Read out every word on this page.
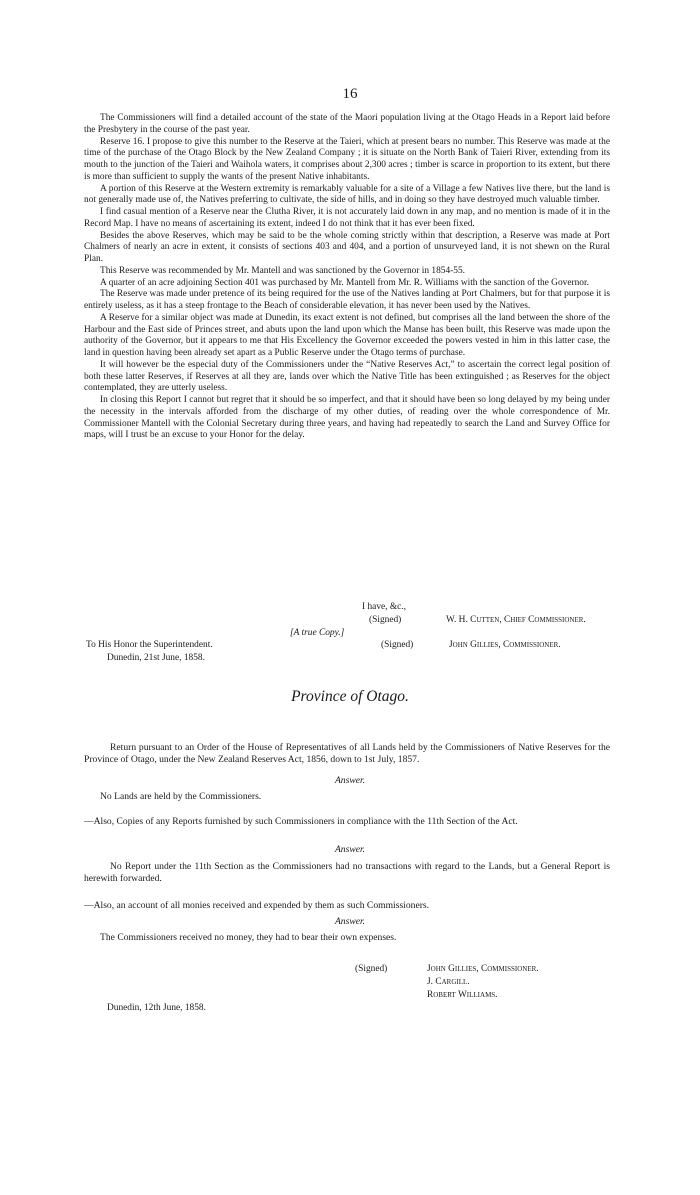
16

The Commissioners will find a detailed account of the state of the Maori population living at the Otago Heads in a Report laid before the Presbytery in the course of the past year.

Reserve 16. I propose to give this number to the Reserve at the Taieri, which at present bears no number. This Reserve was made at the time of the purchase of the Otago Block by the New Zealand Company ; it is situate on the North Bank of Taieri River, extending from its mouth to the junction of the Taieri and Waihola waters, it comprises about 2,300 acres ; timber is scarce in proportion to its extent, but there is more than sufficient to supply the wants of the present Native inhabitants.

A portion of this Reserve at the Western extremity is remarkably valuable for a site of a Village a few Natives live there, but the land is not generally made use of, the Natives preferring to cultivate, the side of hills, and in doing so they have destroyed much valuable timber.

I find casual mention of a Reserve near the Clutha River, it is not accurately laid down in any map, and no mention is made of it in the Record Map. I have no means of ascertaining its extent, indeed I do not think that it has ever been fixed.

Besides the above Reserves, which may be said to be the whole coming strictly within that description, a Reserve was made at Port Chalmers of nearly an acre in extent, it consists of sections 403 and 404, and a portion of unsurveyed land, it is not shewn on the Rural Plan.

This Reserve was recommended by Mr. Mantell and was sanctioned by the Governor in 1854-55.

A quarter of an acre adjoining Section 401 was purchased by Mr. Mantell from Mr. R. Williams with the sanction of the Governor.

The Reserve was made under pretence of its being required for the use of the Natives landing at Port Chalmers, but for that purpose it is entirely useless, as it has a steep frontage to the Beach of considerable elevation, it has never been used by the Natives.

A Reserve for a similar object was made at Dunedin, its exact extent is not defined, but comprises all the land between the shore of the Harbour and the East side of Princes street, and abuts upon the land upon which the Manse has been built, this Reserve was made upon the authority of the Governor, but it appears to me that His Excellency the Governor exceeded the powers vested in him in this latter case, the land in question having been already set apart as a Public Reserve under the Otago terms of purchase.

It will however be the especial duty of the Commissioners under the “Native Reserves Act,” to ascertain the correct legal position of both these latter Reserves, if Reserves at all they are, lands over which the Native Title has been extinguished ; as Reserves for the object contemplated, they are utterly useless.

In closing this Report I cannot but regret that it should be so imperfect, and that it should have been so long delayed by my being under the necessity in the intervals afforded from the discharge of my other duties, of reading over the whole correspondence of Mr. Commissioner Mantell with the Colonial Secretary during three years, and having had repeatedly to search the Land and Survey Office for maps, will I trust be an excuse to your Honor for the delay.

I have, &c.,
(Signed)	W. H. Cutten, Chief Commissioner.
[A true Copy.]
To His Honor the Superintendent.	(Signed)	John Gillies, Commissioner.
Dunedin, 21st June, 1858.
Province of Otago.

Return pursuant to an Order of the House of Representatives of all Lands held by the Commissioners of Native Reserves for the Province of Otago, under the New Zealand Reserves Act, 1856, down to 1st July, 1857.

Answer.

No Lands are held by the Commissioners.

—Also, Copies of any Reports furnished by such Commissioners in compliance with the 11th Section of the Act.

Answer.

No Report under the 11th Section as the Commissioners had no transactions with regard to the Lands, but a General Report is herewith forwarded.

—Also, an account of all monies received and expended by them as such Commissioners.

Answer.

The Commissioners received no money, they had to bear their own expenses.

(Signed)	John Gillies, Commissioner.
J. Cargill.
Robert Williams.
Dunedin, 12th June, 1858.
